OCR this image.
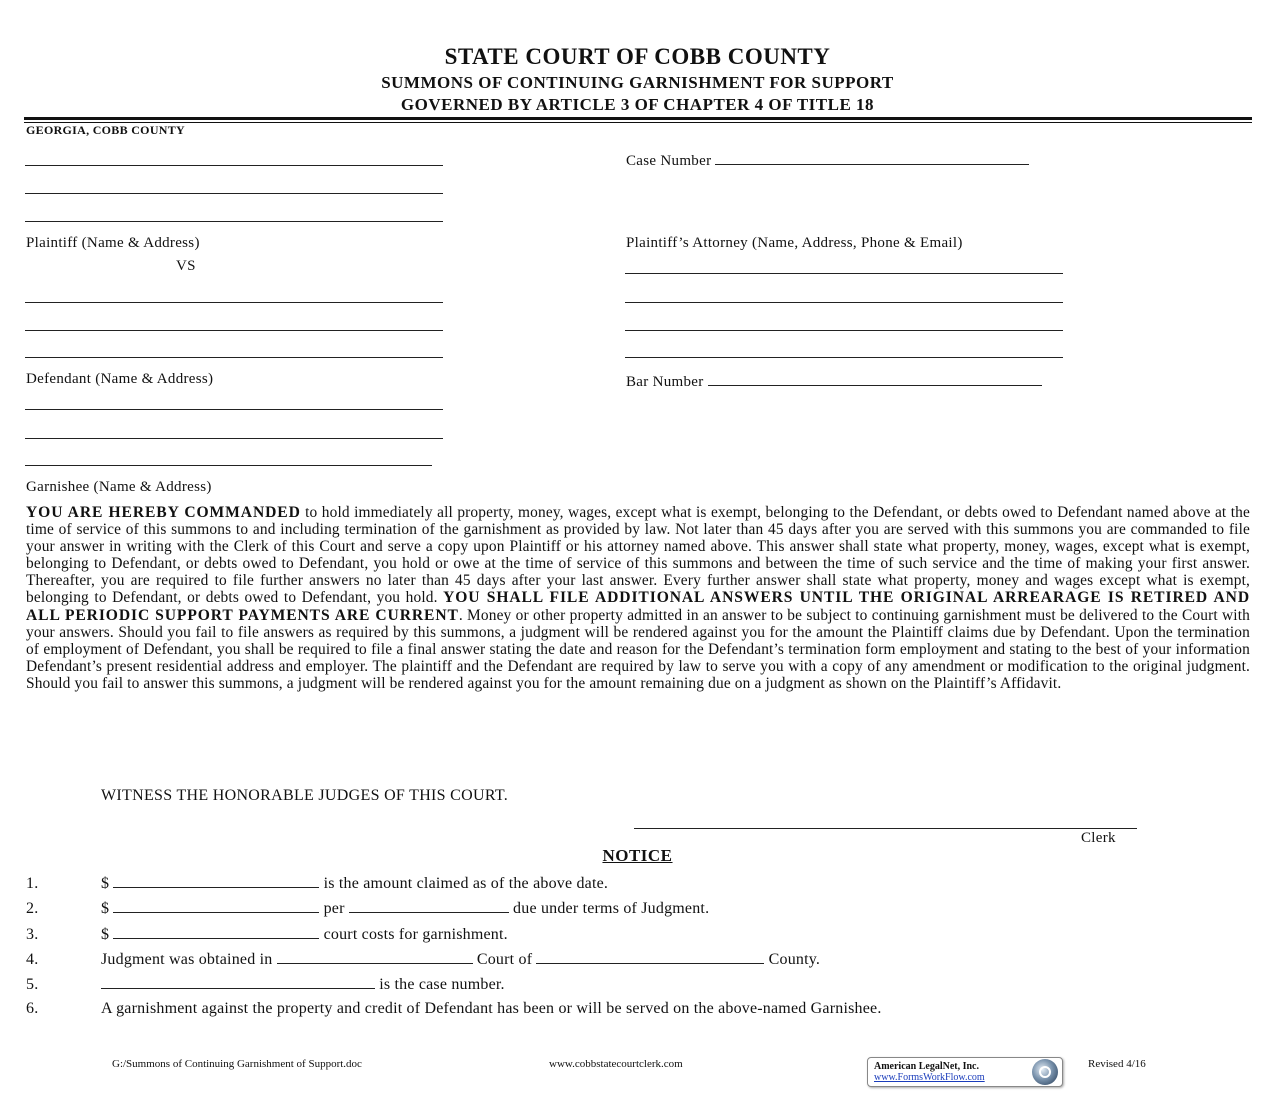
STATE COURT OF COBB COUNTY
SUMMONS OF CONTINUING GARNISHMENT FOR SUPPORT
GOVERNED BY ARTICLE 3 OF CHAPTER 4 OF TITLE 18
GEORGIA, COBB COUNTY
Plaintiff (Name & Address)
VS
Defendant (Name & Address)
Garnishee (Name & Address)
Case Number
Plaintiff’s Attorney (Name, Address, Phone & Email)
Bar Number
YOU ARE HEREBY COMMANDED to hold immediately all property, money, wages, except what is exempt, belonging to the Defendant, or debts owed to Defendant named above at the time of service of this summons to and including termination of the garnishment as provided by law. Not later than 45 days after you are served with this summons you are commanded to file your answer in writing with the Clerk of this Court and serve a copy upon Plaintiff or his attorney named above. This answer shall state what property, money, wages, except what is exempt, belonging to Defendant, or debts owed to Defendant, you hold or owe at the time of service of this summons and between the time of such service and the time of making your first answer. Thereafter, you are required to file further answers no later than 45 days after your last answer. Every further answer shall state what property, money and wages except what is exempt, belonging to Defendant, or debts owed to Defendant, you hold. YOU SHALL FILE ADDITIONAL ANSWERS UNTIL THE ORIGINAL ARREARAGE IS RETIRED AND ALL PERIODIC SUPPORT PAYMENTS ARE CURRENT. Money or other property admitted in an answer to be subject to continuing garnishment must be delivered to the Court with your answers. Should you fail to file answers as required by this summons, a judgment will be rendered against you for the amount the Plaintiff claims due by Defendant. Upon the termination of employment of Defendant, you shall be required to file a final answer stating the date and reason for the Defendant’s termination form employment and stating to the best of your information Defendant’s present residential address and employer. The plaintiff and the Defendant are required by law to serve you with a copy of any amendment or modification to the original judgment. Should you fail to answer this summons, a judgment will be rendered against you for the amount remaining due on a judgment as shown on the Plaintiff’s Affidavit.
WITNESS THE HONORABLE JUDGES OF THIS COURT.
Clerk
NOTICE
1.	$	is the amount claimed as of the above date.
2.	$	per	due under terms of Judgment.
3.	$	court costs for garnishment.
4.	Judgment was obtained in	Court of	County.
5.	is the case number.
6.	A garnishment against the property and credit of Defendant has been or will be served on the above-named Garnishee.
G:/Summons of Continuing Garnishment of Support.doc	www.cobbstatecourtclerk.com	American LegalNet, Inc.
www.FormsWorkFlow.com
Revised 4/16
